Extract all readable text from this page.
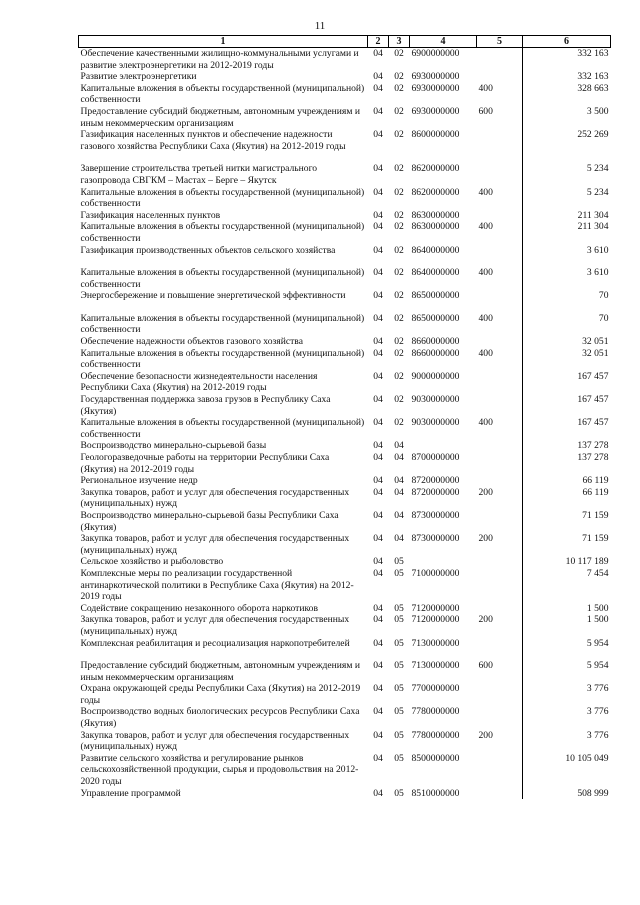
11
1	2	3	4	5	6
Обеспечение качественными жилищно-коммунальными услугами и развитие электроэнергетики на 2012-2019 годы	04	02	6900000000		332 163
Развитие электроэнергетики	04	02	6930000000		332 163
Капитальные вложения в объекты государственной (муниципальной) собственности	04	02	6930000000	400	328 663
Предоставление субсидий бюджетным, автономным учреждениям и иным некоммерческим организациям	04	02	6930000000	600	3 500
Газификация населенных пунктов и обеспечение надежности газового хозяйства Республики Саха (Якутия) на 2012-2019 годы	04	02	8600000000		252 269

Завершение строительства третьей нитки магистрального газопровода СВГКМ – Мастах – Берге – Якутск	04	02	8620000000		5 234
Капитальные вложения в объекты государственной (муниципальной) собственности	04	02	8620000000	400	5 234
Газификация населенных пунктов	04	02	8630000000		211 304
Капитальные вложения в объекты государственной (муниципальной) собственности	04	02	8630000000	400	211 304
Газификация производственных объектов сельского хозяйства	04	02	8640000000		3 610

Капитальные вложения в объекты государственной (муниципальной) собственности	04	02	8640000000	400	3 610
Энергосбережение и повышение энергетической эффективности	04	02	8650000000		70

Капитальные вложения в объекты государственной (муниципальной) собственности	04	02	8650000000	400	70
Обеспечение надежности объектов газового хозяйства	04	02	8660000000		32 051
Капитальные вложения в объекты государственной (муниципальной) собственности	04	02	8660000000	400	32 051
Обеспечение безопасности жизнедеятельности населения Республики Саха (Якутия) на 2012-2019 годы	04	02	9000000000		167 457
Государственная поддержка завоза грузов в Республику Саха (Якутия)	04	02	9030000000		167 457
Капитальные вложения в объекты государственной (муниципальной) собственности	04	02	9030000000	400	167 457
Воспроизводство минерально-сырьевой базы	04	04			137 278
Геологоразведочные работы на территории Республики Саха (Якутия) на 2012-2019 годы	04	04	8700000000		137 278
Региональное изучение недр	04	04	8720000000		66 119
Закупка товаров, работ и услуг для обеспечения государственных (муниципальных) нужд	04	04	8720000000	200	66 119
Воспроизводство минерально-сырьевой базы Республики Саха (Якутия)	04	04	8730000000		71 159
Закупка товаров, работ и услуг для обеспечения государственных (муниципальных) нужд	04	04	8730000000	200	71 159
Сельское хозяйство и рыболовство	04	05			10 117 189
Комплексные меры по реализации государственной антинаркотической политики в Республике Саха (Якутия) на 2012-2019 годы	04	05	7100000000		7 454
Содействие сокращению незаконного оборота наркотиков	04	05	7120000000		1 500
Закупка товаров, работ и услуг для обеспечения государственных (муниципальных) нужд	04	05	7120000000	200	1 500
Комплексная реабилитация и ресоциализация наркопотребителей	04	05	7130000000		5 954

Предоставление субсидий бюджетным, автономным учреждениям и иным некоммерческим организациям	04	05	7130000000	600	5 954
Охрана окружающей среды Республики Саха (Якутия) на 2012-2019 годы	04	05	7700000000		3 776
Воспроизводство водных биологических ресурсов Республики Саха (Якутия)	04	05	7780000000		3 776
Закупка товаров, работ и услуг для обеспечения государственных (муниципальных) нужд	04	05	7780000000	200	3 776
Развитие сельского хозяйства и регулирование рынков сельскохозяйственной продукции, сырья и продовольствия на 2012-2020 годы	04	05	8500000000		10 105 049
Управление программой	04	05	8510000000		508 999
